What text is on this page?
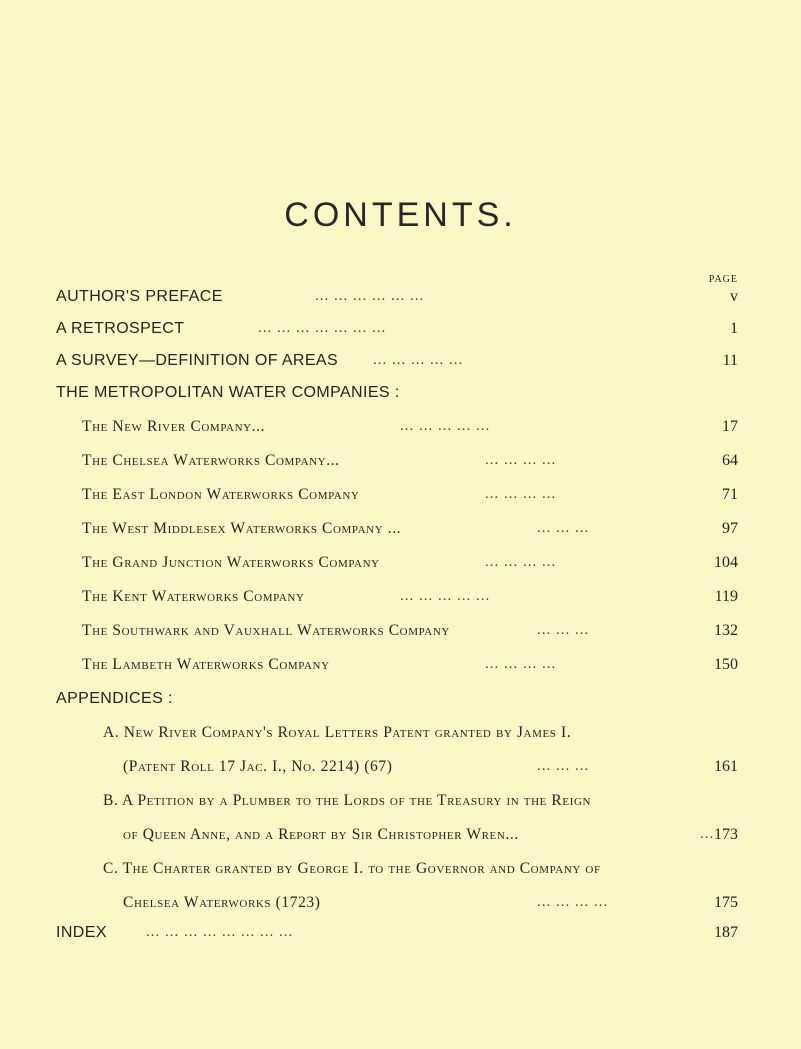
CONTENTS.
PAGE
AUTHOR'S PREFACE	... ... ... ... ... ...	v
A RETROSPECT	... ... ... ... ... ... ...	1
A SURVEY—DEFINITION OF AREAS ... ... ... ... ...	11
THE METROPOLITAN WATER COMPANIES :
The New River Company...	... ... ... ... ...	17
The Chelsea Waterworks Company...	... ... ... ...	64
The East London Waterworks Company	... ... ... ...	71
The West Middlesex Waterworks Company ...	... ... ...	97
The Grand Junction Waterworks Company	... ... ... ...	104
The Kent Waterworks Company	... ... ... ... ...	119
The Southwark and Vauxhall Waterworks Company	... ... ...	132
The Lambeth Waterworks Company	... ... ... ...	150
APPENDICES :
A. New River Company's Royal Letters Patent granted by James I.
(Patent Roll 17 Jac. I., No. 2214) (67)	... ... ...	161
B. A Petition by a Plumber to the Lords of the Treasury in the Reign
of Queen Anne, and a Report by Sir Christopher Wren...	... 173
C. The Charter granted by George I. to the Governor and Company of
Chelsea Waterworks (1723)	... ... ... ...	175
INDEX	... ... ... ... ... ... ... ...	187
